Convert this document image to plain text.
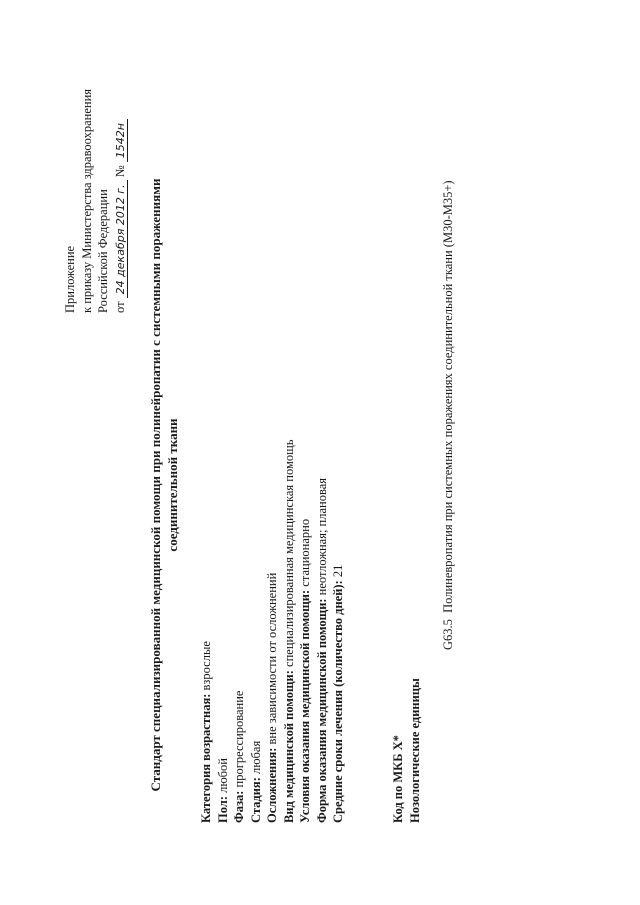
Приложение к приказу Министерства здравоохранения Российской Федерации от 24 декабря 2012 г. № 1542н
Стандарт специализированной медицинской помощи при полинейропатии с системными поражениями соединительной ткани
Категория возрастная: взрослые
Пол: любой
Фаза: прогрессирование
Стадия: любая Осложнения: вне зависимости от осложнений Вид медицинской помощи: специализированная медицинская помощь
Условия оказания медицинской помощи: стационарно
Форма оказания медицинской помощи: неотложная; плановая
Средние сроки лечения (количество дней): 21
Код по МКБ X* Нозологические единицы
G63.5 Полиневропатия при системных поражениях соединительной ткани (M30-M35+)
